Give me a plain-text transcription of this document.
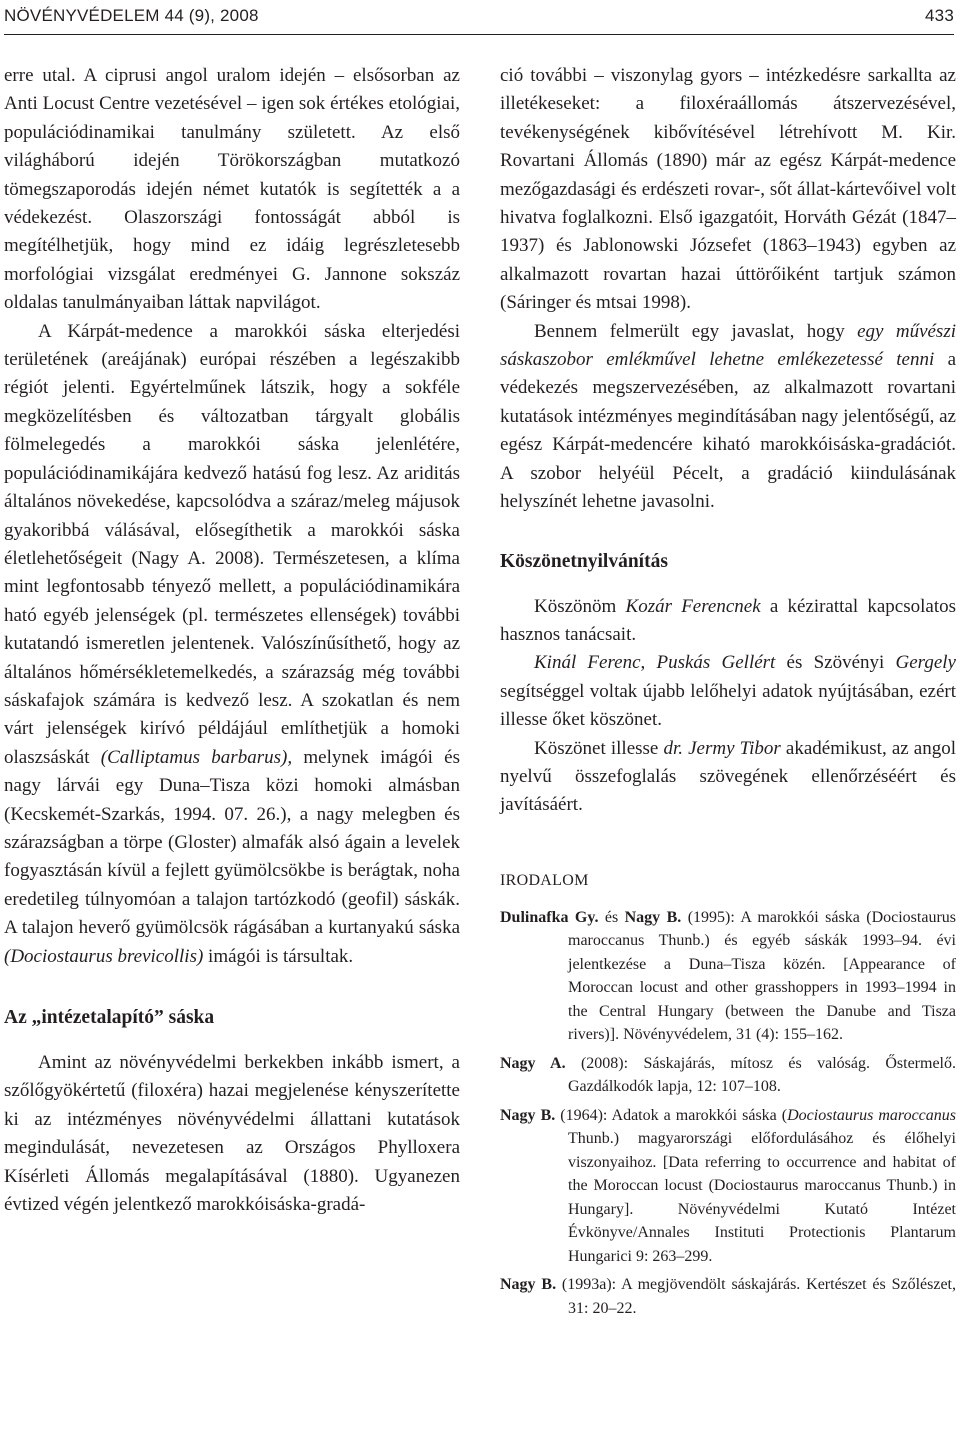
NÖVÉNYVÉDELEM 44 (9), 2008	433

erre utal. A ciprusi angol uralom idején – elsősorban az Anti Locust Centre vezetésével – igen sok értékes etológiai, populációdinamikai tanulmány született. Az első világháború idején Törökországban mutatkozó tömegszaporodás idején német kutatók is segítették a a védekezést. Olaszországi fontosságát abból is megítélhetjük, hogy mind ez idáig legrészletesebb morfológiai vizsgálat eredményei G. Jannone sokszáz oldalas tanulmányaiban láttak napvilágot.

A Kárpát-medence a marokkói sáska elterjedési területének (areájának) európai részében a legészakibb régiót jelenti. Egyértelműnek látszik, hogy a sokféle megközelítésben és változatban tárgyalt globális fölmelegedés a marokkói sáska jelenlétére, populációdinamikájára kedvező hatású fog lesz. Az ariditás általános növekedése, kapcsolódva a száraz/meleg májusok gyakoribbá válásával, elősegíthetik a marokkói sáska életlehetőségeit (Nagy A. 2008). Természetesen, a klíma mint legfontosabb tényező mellett, a populációdinamikára ható egyéb jelenségek (pl. természetes ellenségek) további kutatandó ismeretlen jelentenek. Valószínűsíthető, hogy az általános hőmérsékletemelkedés, a szárazság még további sáskafajok számára is kedvező lesz. A szokatlan és nem várt jelenségek kirívó példájául említhetjük a homoki olaszsáskát (Calliptamus barbarus), melynek imágói és nagy lárvái egy Duna–Tisza közi homoki almásban (Kecskemét-Szarkás, 1994. 07. 26.), a nagy melegben és szárazságban a törpe (Gloster) almafák alsó ágain a levelek fogyasztásán kívül a fejlett gyümölcsökbe is berágtak, noha eredetileg túlnyomóan a talajon tartózkodó (geofil) sáskák. A talajon heverő gyümölcsök rágásában a kurtanyakú sáska (Dociostaurus brevicollis) imágói is társultak.

Az „intézetalapító” sáska

Amint az növényvédelmi berkekben inkább ismert, a szőlőgyökértetű (filoxéra) hazai megjelenése kényszerítette ki az intézményes növényvédelmi állattani kutatások megindulását, nevezetesen az Országos Phylloxera Kísérleti Állomás megalapításával (1880). Ugyanezen évtized végén jelentkező marokkóisáska-gradá-

ció további – viszonylag gyors – intézkedésre sarkallta az illetékeseket: a filoxéraállomás átszervezésével, tevékenységének kibővítésével létrehívott M. Kir. Rovartani Állomás (1890) már az egész Kárpát-medence mezőgazdasági és erdészeti rovar-, sőt állat-kártevőivel volt hivatva foglalkozni. Első igazgatóit, Horváth Gézát (1847–1937) és Jablonowski Józsefet (1863–1943) egyben az alkalmazott rovartan hazai úttörőiként tartjuk számon (Sáringer és mtsai 1998).

Bennem felmerült egy javaslat, hogy egy művészi sáskaszobor emlékművel lehetne emlékezetessé tenni a védekezés megszervezésében, az alkalmazott rovartani kutatások intézményes megindításában nagy jelentőségű, az egész Kárpát-medencére kiható marokkóisáska-gradációt. A szobor helyéül Pécelt, a gradáció kiindulásának helyszínét lehetne javasolni.

Köszönetnyilvánítás

Köszönöm Kozár Ferencnek a kézirattal kapcsolatos hasznos tanácsait.

Kinál Ferenc, Puskás Gellért és Szövényi Gergely segítséggel voltak újabb lelőhelyi adatok nyújtásában, ezért illesse őket köszönet.

Köszönet illesse dr. Jermy Tibor akadémikust, az angol nyelvű összefoglalás szövegének ellenőrzéséért és javításáért.

IRODALOM

Dulinafka Gy. és Nagy B. (1995): A marokkói sáska (Dociostaurus maroccanus Thunb.) és egyéb sáskák 1993–94. évi jelentkezése a Duna–Tisza közén. [Appearance of Moroccan locust and other grasshoppers in 1993–1994 in the Central Hungary (between the Danube and Tisza rivers)]. Növényvédelem, 31 (4): 155–162.

Nagy A. (2008): Sáskajárás, mítosz és valóság. Őstermelő. Gazdálkodók lapja, 12: 107–108.

Nagy B. (1964): Adatok a marokkói sáska (Dociostaurus maroccanus Thunb.) magyarországi előfordulásához és élőhelyi viszonyaihoz. [Data referring to occurrence and habitat of the Moroccan locust (Dociostaurus maroccanus Thunb.) in Hungary]. Növényvédelmi Kutató Intézet Évkönyve/Annales Instituti Protectionis Plantarum Hungarici 9: 263–299.

Nagy B. (1993a): A megjövendölt sáskajárás. Kertészet és Szőlészet, 31: 20–22.
